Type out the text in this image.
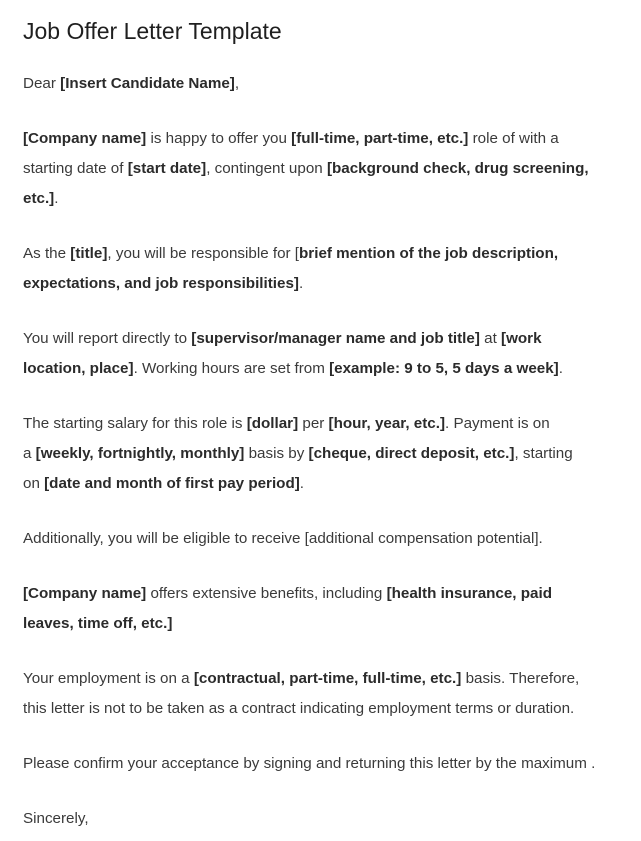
Job Offer Letter Template

Dear [Insert Candidate Name],

[Company name] is happy to offer you [full-time, part-time, etc.] role of with a
starting date of [start date], contingent upon [background check, drug screening,
etc.].

As the [title], you will be responsible for [brief mention of the job description,
expectations, and job responsibilities].

You will report directly to [supervisor/manager name and job title] at [work
location, place]. Working hours are set from [example: 9 to 5, 5 days a week].

The starting salary for this role is [dollar] per [hour, year, etc.]. Payment is on
a [weekly, fortnightly, monthly] basis by [cheque, direct deposit, etc.], starting
on [date and month of first pay period].

Additionally, you will be eligible to receive [additional compensation potential].

[Company name] offers extensive benefits, including [health insurance, paid
leaves, time off, etc.]

Your employment is on a [contractual, part-time, full-time, etc.] basis. Therefore,
this letter is not to be taken as a contract indicating employment terms or duration.

Please confirm your acceptance by signing and returning this letter by the maximum .

Sincerely,
